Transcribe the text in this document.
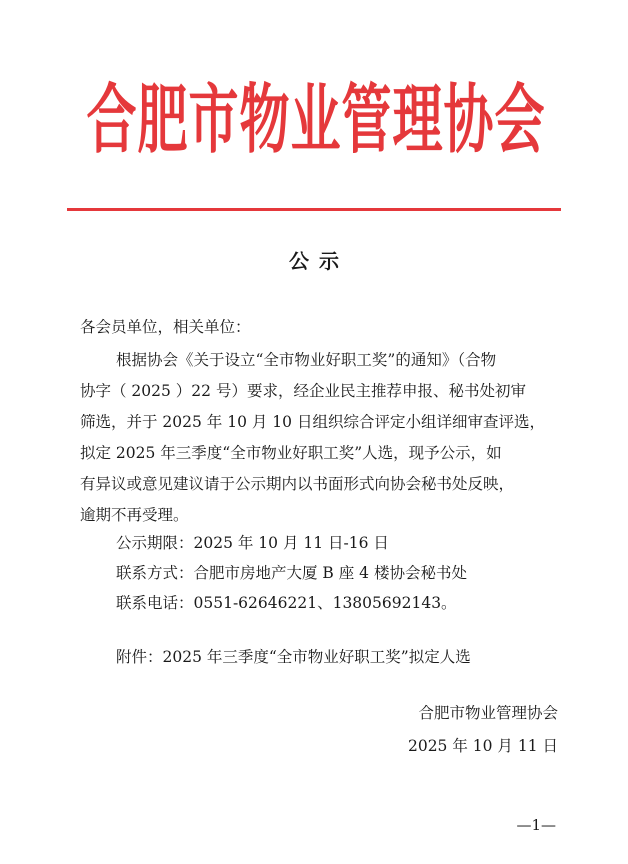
合肥市物业管理协会
公示
各会员单位，相关单位：
根据协会《关于设立“全市物业好职工奖”的通知》（合物
协字（ 2025 ）22 号）要求，经企业民主推荐申报、秘书处初审
筛选，并于 2025 年 10 月 10 日组织综合评定小组详细审查评选，
拟定 2025 年三季度“全市物业好职工奖”人选，现予公示，如
有异议或意见建议请于公示期内以书面形式向协会秘书处反映，
逾期不再受理。
公示期限：2025 年 10 月 11 日-16 日
联系方式：合肥市房地产大厦 B 座 4 楼协会秘书处
联系电话：0551-62646221、13805692143。
附件：2025 年三季度“全市物业好职工奖”拟定人选
合肥市物业管理协会
2025 年 10 月 11 日
—1—
